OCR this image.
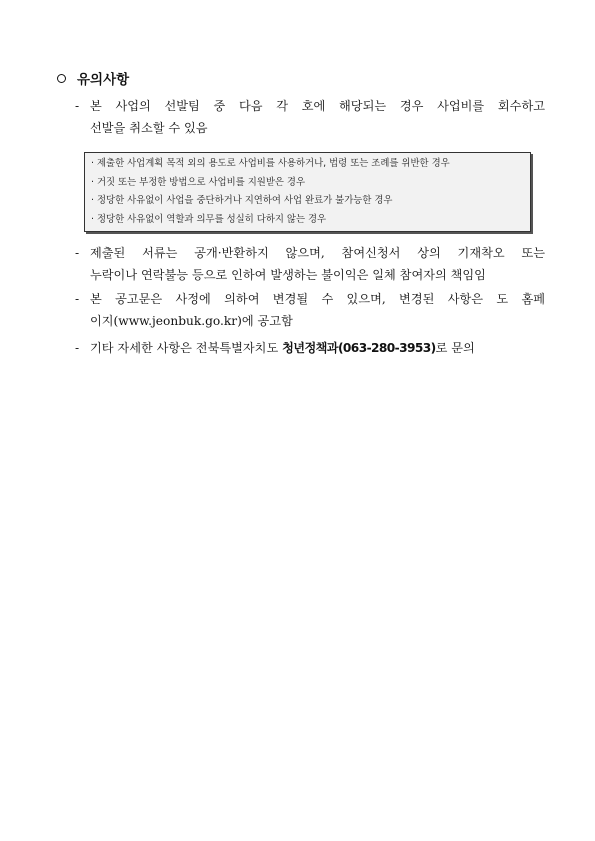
유의사항
- 본 사업의 선발팀 중 다음 각 호에 해당되는 경우 사업비를 회수하고
선발을 취소할 수 있음
· 제출한 사업계획 목적 외의 용도로 사업비를 사용하거나, 법령 또는 조례를 위반한 경우
· 거짓 또는 부정한 방법으로 사업비를 지원받은 경우
· 정당한 사유없이 사업을 중단하거나 지연하여 사업 완료가 불가능한 경우
· 정당한 사유없이 역할과 의무를 성실히 다하지 않는 경우
- 제출된 서류는 공개·반환하지 않으며, 참여신청서 상의 기재착오 또는
누락이나 연락불능 등으로 인하여 발생하는 불이익은 일체 참여자의 책임임
- 본 공고문은 사정에 의하여 변경될 수 있으며, 변경된 사항은 도 홈페
이지(www.jeonbuk.go.kr)에 공고함
- 기타 자세한 사항은 전북특별자치도 청년정책과(063-280-3953)로 문의
